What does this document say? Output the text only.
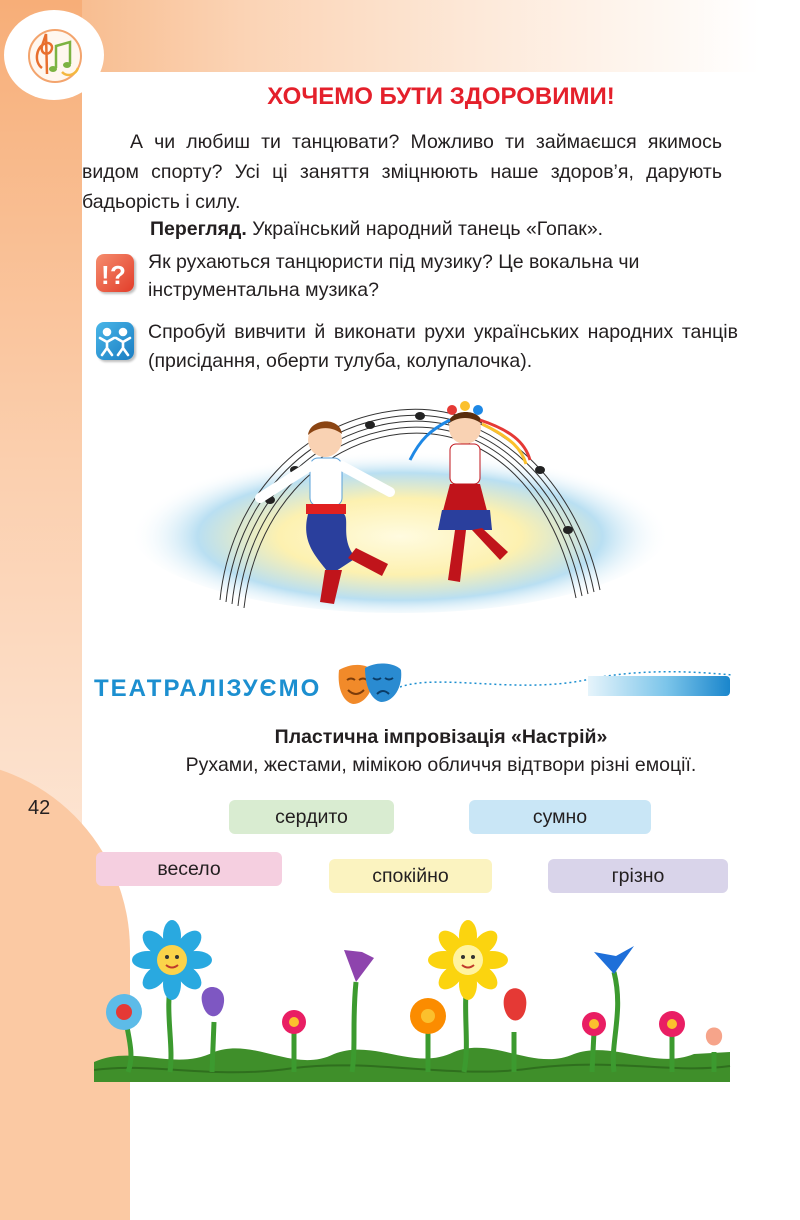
ХОЧЕМО БУТИ ЗДОРОВИМИ!
А чи любиш ти танцювати? Можливо ти займаєшся якимось видом спорту? Усі ці заняття зміцнюють наше здоров’я, дарують бадьорість і силу.
Перегляд. Український народний танець «Гопак».
! ? Як рухаються танцюристи під музику? Це вокальна чи інструментальна музика?
Спробуй вивчити й виконати рухи українських народних танців (присідання, оберти тулуба, колупалочка).
ТЕАТРАЛІЗУЄМО
Пластична імпровізація «Настрій»
Рухами, жестами, мімікою обличчя відтвори різні емоції.
сердито	сумно
весело	спокійно	грізно
42
